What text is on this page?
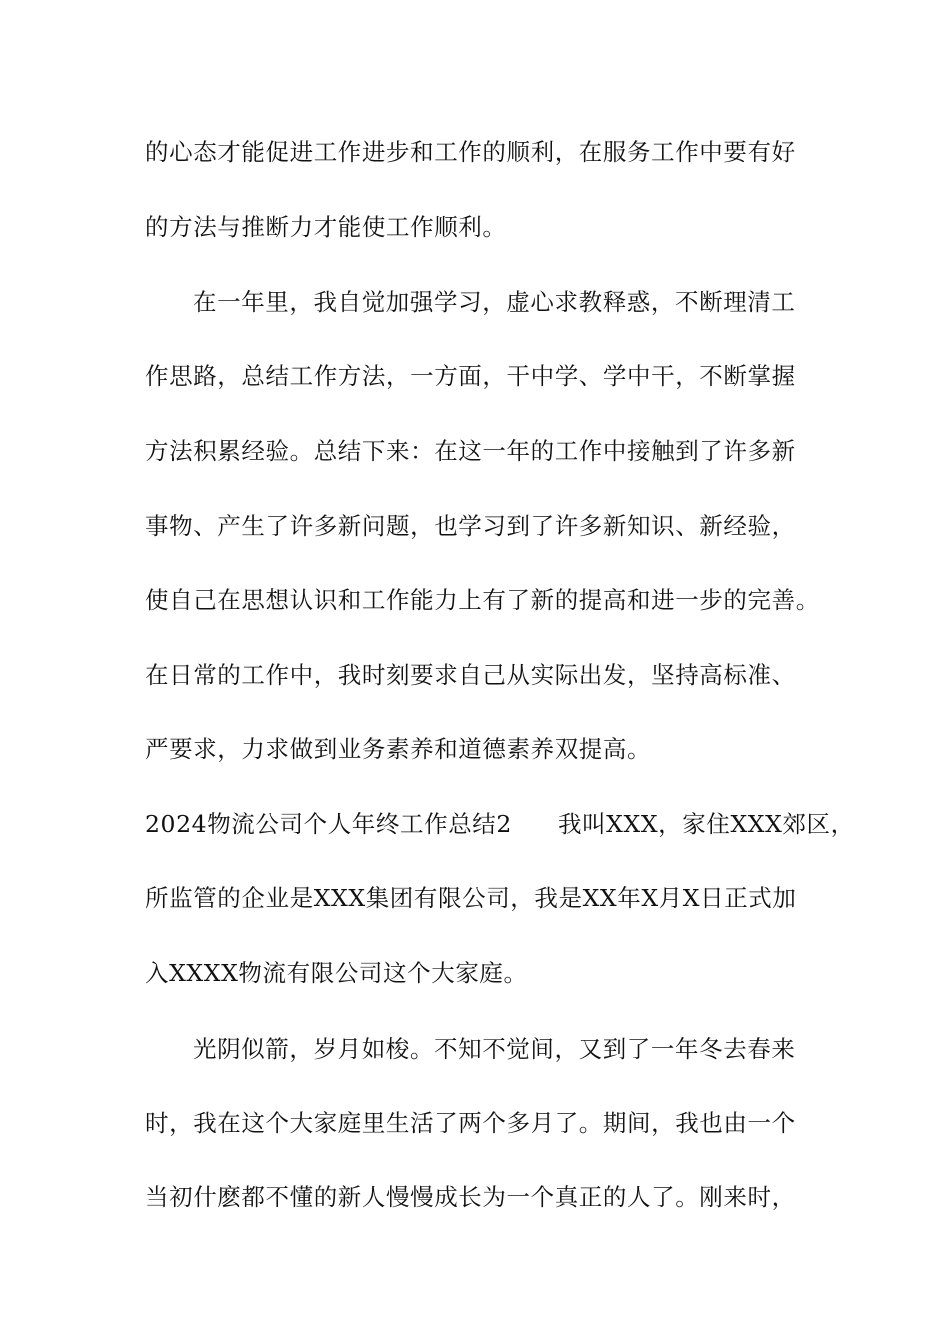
的心态才能促进工作进步和工作的顺利，在服务工作中要有好
的方法与推断力才能使工作顺利。
在一年里，我自觉加强学习，虚心求教释惑，不断理清工
作思路，总结工作方法，一方面，干中学、学中干，不断掌握
方法积累经验。总结下来：在这一年的工作中接触到了许多新
事物、产生了许多新问题，也学习到了许多新知识、新经验，
使自己在思想认识和工作能力上有了新的提高和进一步的完善。
在日常的工作中，我时刻要求自己从实际出发，坚持高标准、
严要求，力求做到业务素养和道德素养双提高。
2024物流公司个人年终工作总结2 我叫XXX，家住XXX郊区，
所监管的企业是XXX集团有限公司，我是XX年X月X日正式加
入XXXX物流有限公司这个大家庭。
光阴似箭，岁月如梭。不知不觉间，又到了一年冬去春来
时，我在这个大家庭里生活了两个多月了。期间，我也由一个
当初什麽都不懂的新人慢慢成长为一个真正的人了。刚来时，
